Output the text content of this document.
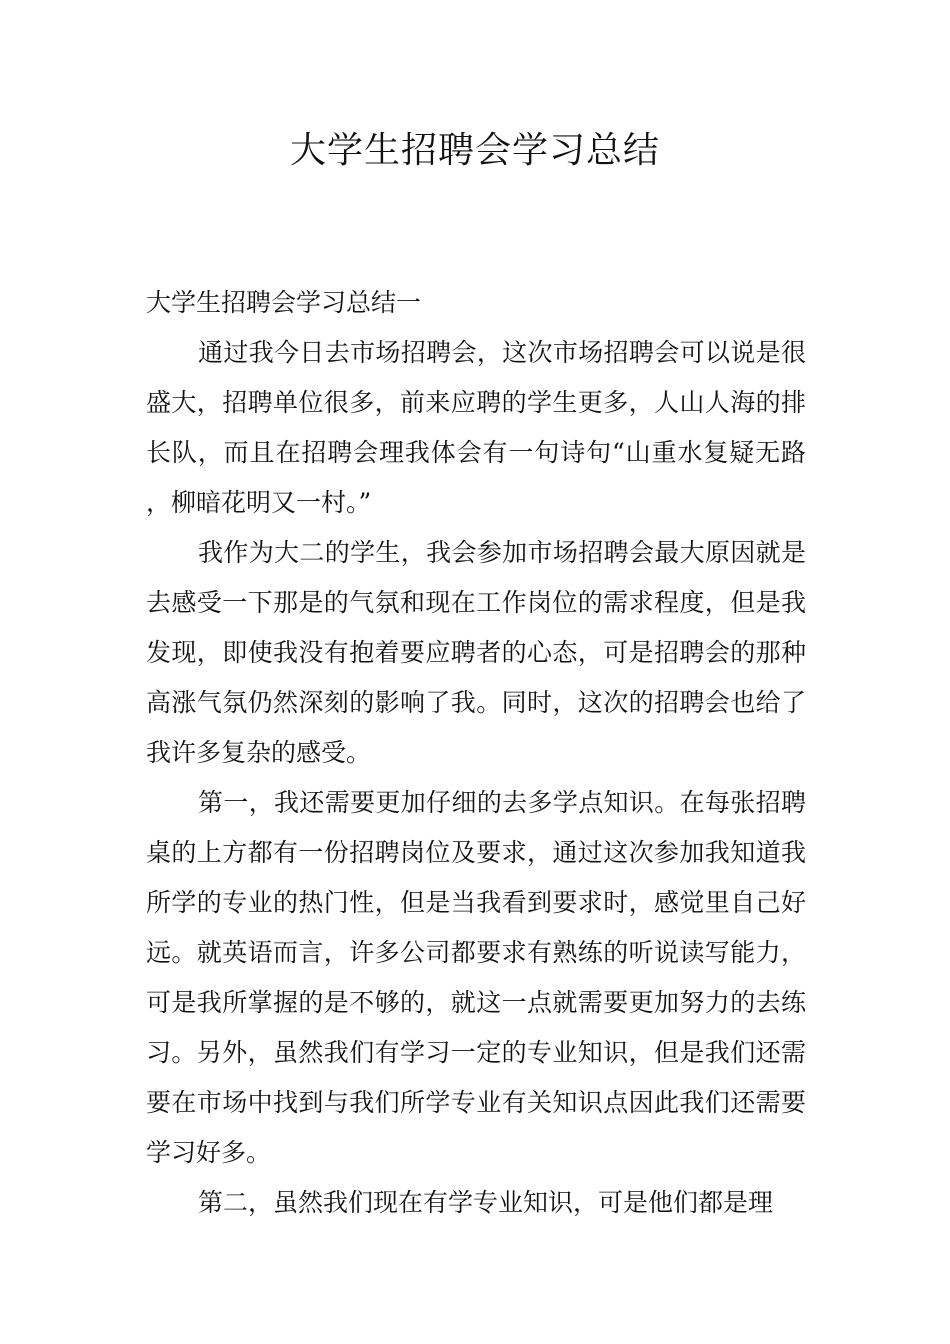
大学生招聘会学习总结

大学生招聘会学习总结一

通过我今日去市场招聘会，这次市场招聘会可以说是很盛大，招聘单位很多，前来应聘的学生更多，人山人海的排长队，而且在招聘会理我体会有一句诗句“山重水复疑无路，柳暗花明又一村。”

我作为大二的学生，我会参加市场招聘会最大原因就是去感受一下那是的气氛和现在工作岗位的需求程度，但是我发现，即使我没有抱着要应聘者的心态，可是招聘会的那种高涨气氛仍然深刻的影响了我。同时，这次的招聘会也给了我许多复杂的感受。

第一，我还需要更加仔细的去多学点知识。在每张招聘桌的上方都有一份招聘岗位及要求，通过这次参加我知道我所学的专业的热门性，但是当我看到要求时，感觉里自己好远。就英语而言，许多公司都要求有熟练的听说读写能力，可是我所掌握的是不够的，就这一点就需要更加努力的去练习。另外，虽然我们有学习一定的专业知识，但是我们还需要在市场中找到与我们所学专业有关知识点因此我们还需要学习好多。

第二，虽然我们现在有学专业知识，可是他们都是理
